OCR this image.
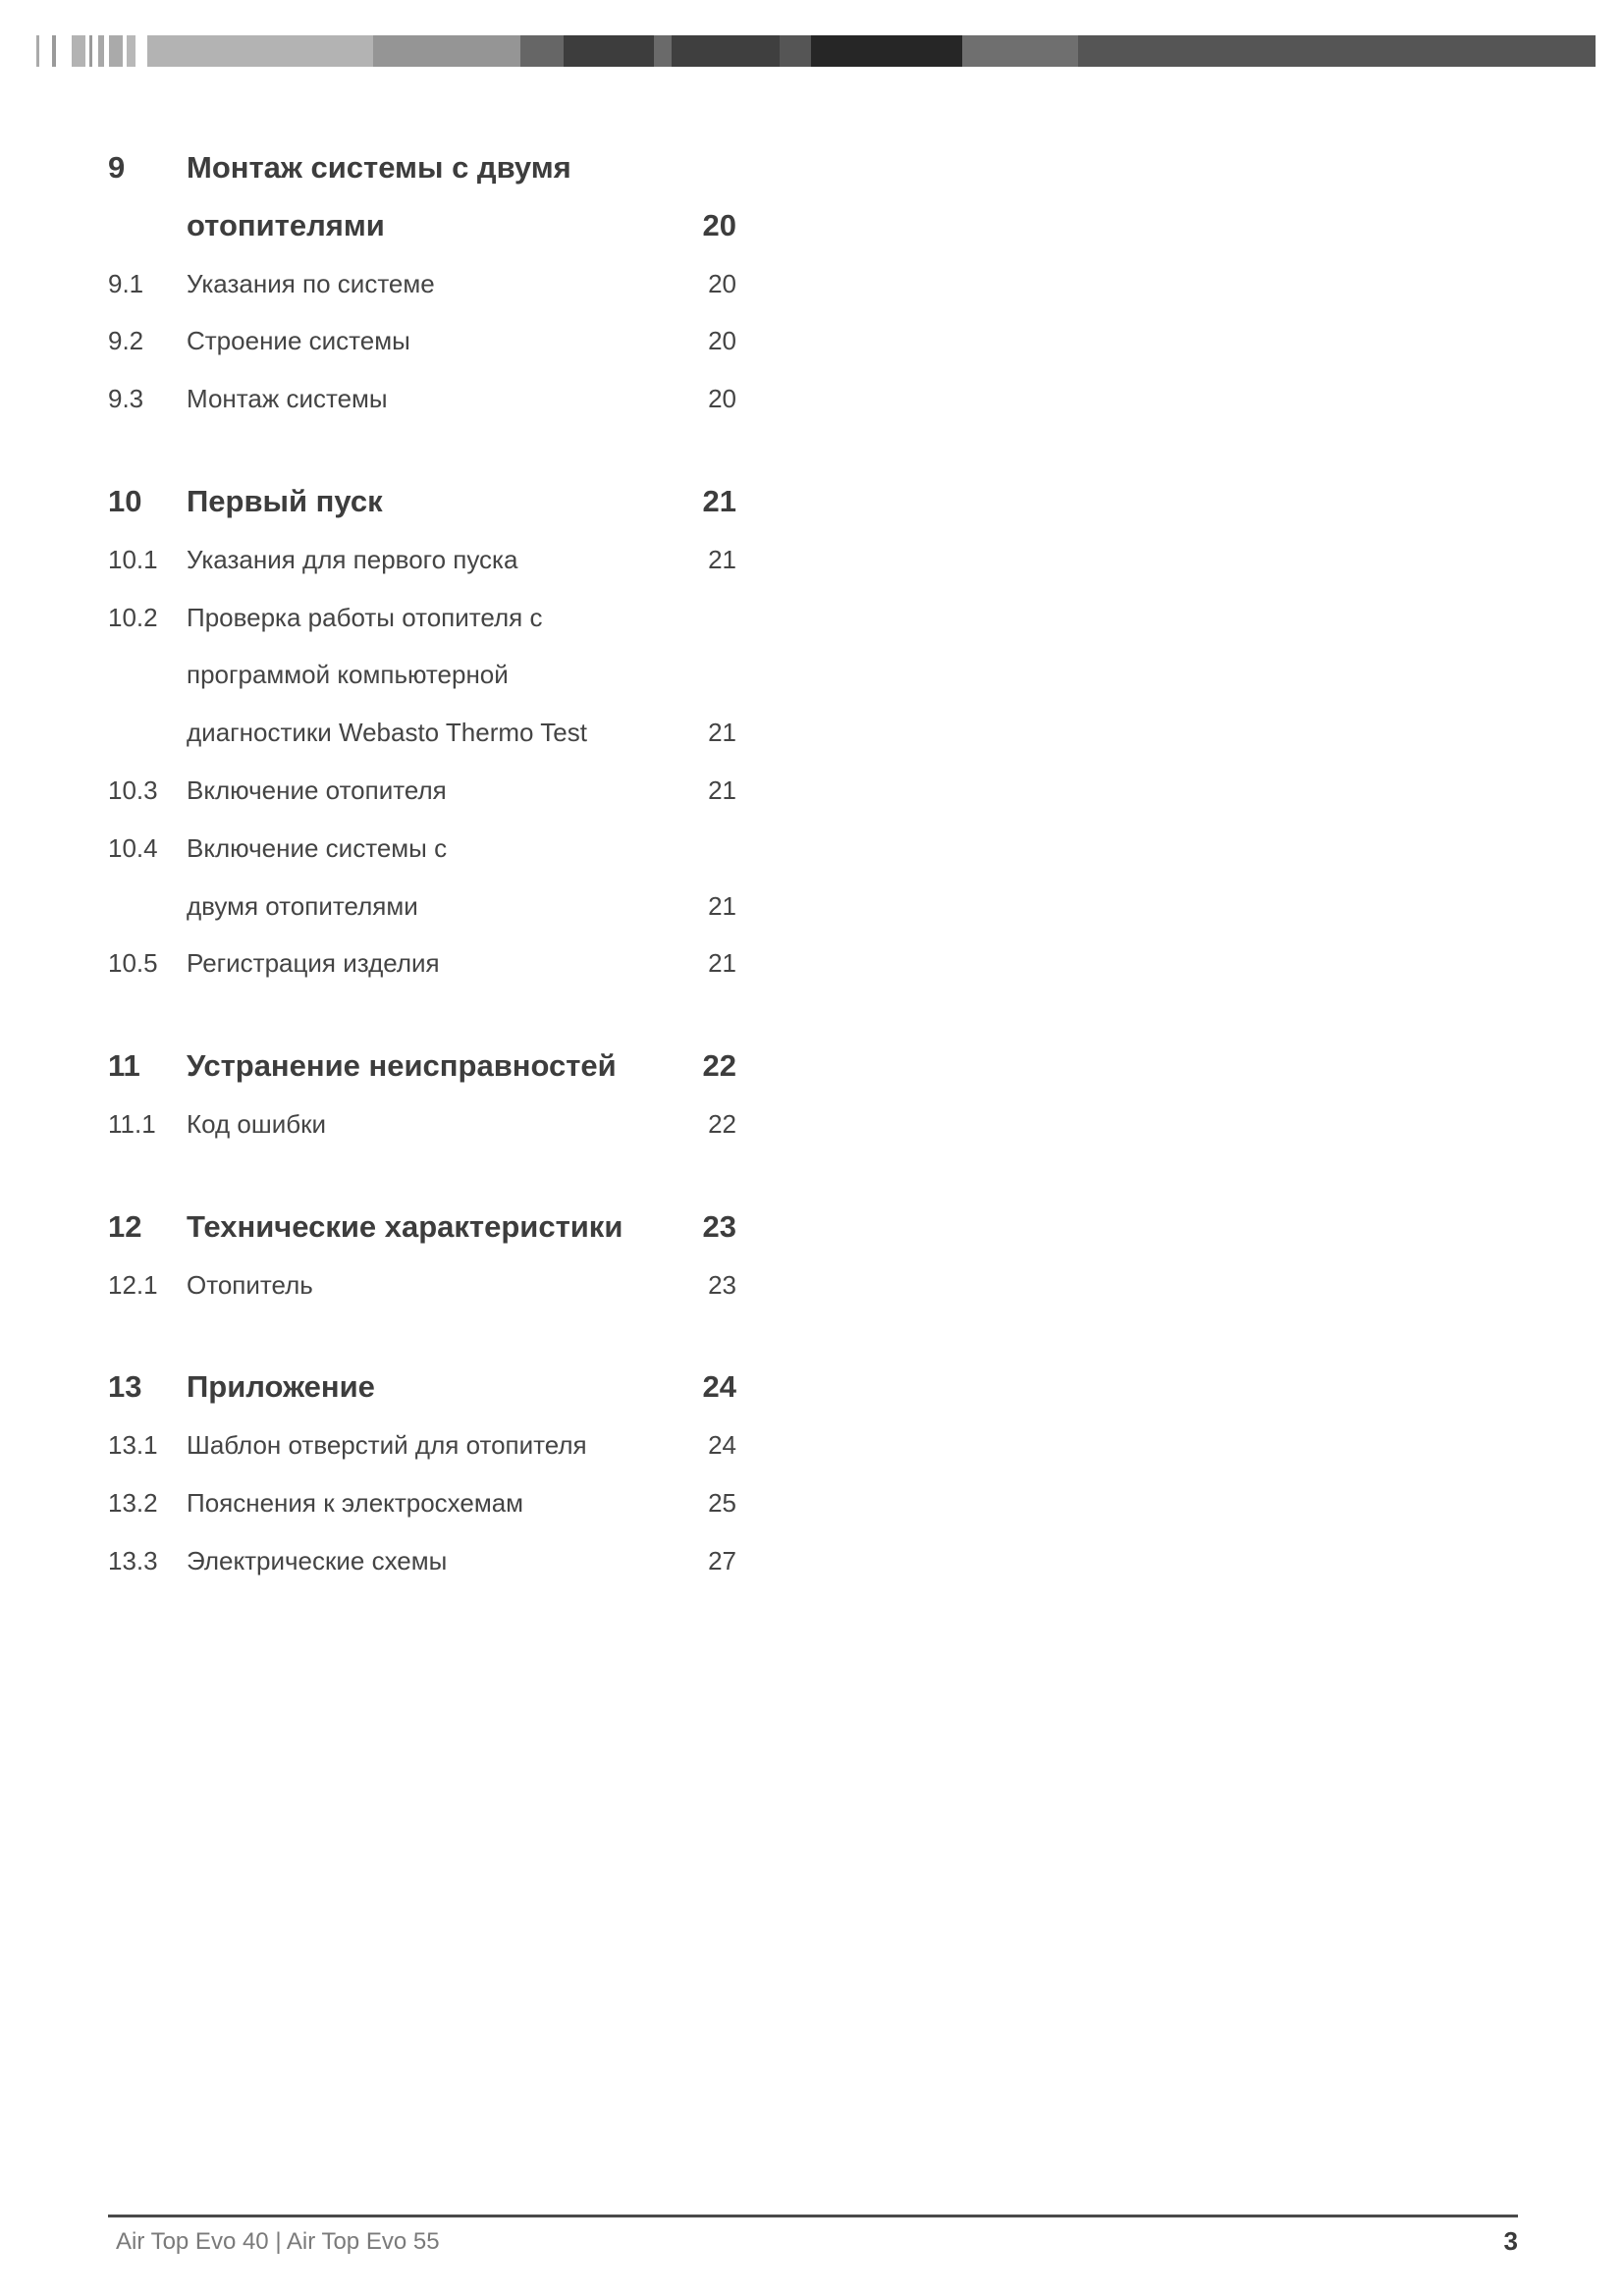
9 Монтаж системы с двумя
отопителями	20
9.1 Указания по системе	20
9.2 Строение системы	20
9.3 Монтаж системы	20
10 Первый пуск	21
10.1 Указания для первого пуска	21
10.2 Проверка работы отопителя с
программой компьютерной
диагностики Webasto Thermo Test	21
10.3 Включение отопителя	21
10.4 Включение системы с
двумя отопителями	21
10.5 Регистрация изделия	21
11 Устранение неисправностей	22
11.1 Код ошибки	22
12 Технические характеристики	23
12.1 Отопитель	23
13 Приложение	24
13.1 Шаблон отверстий для отопителя	24
13.2 Пояснения к электросхемам	25
13.3 Электрические схемы	27
Air Top Evo 40 | Air Top Evo 55	3
